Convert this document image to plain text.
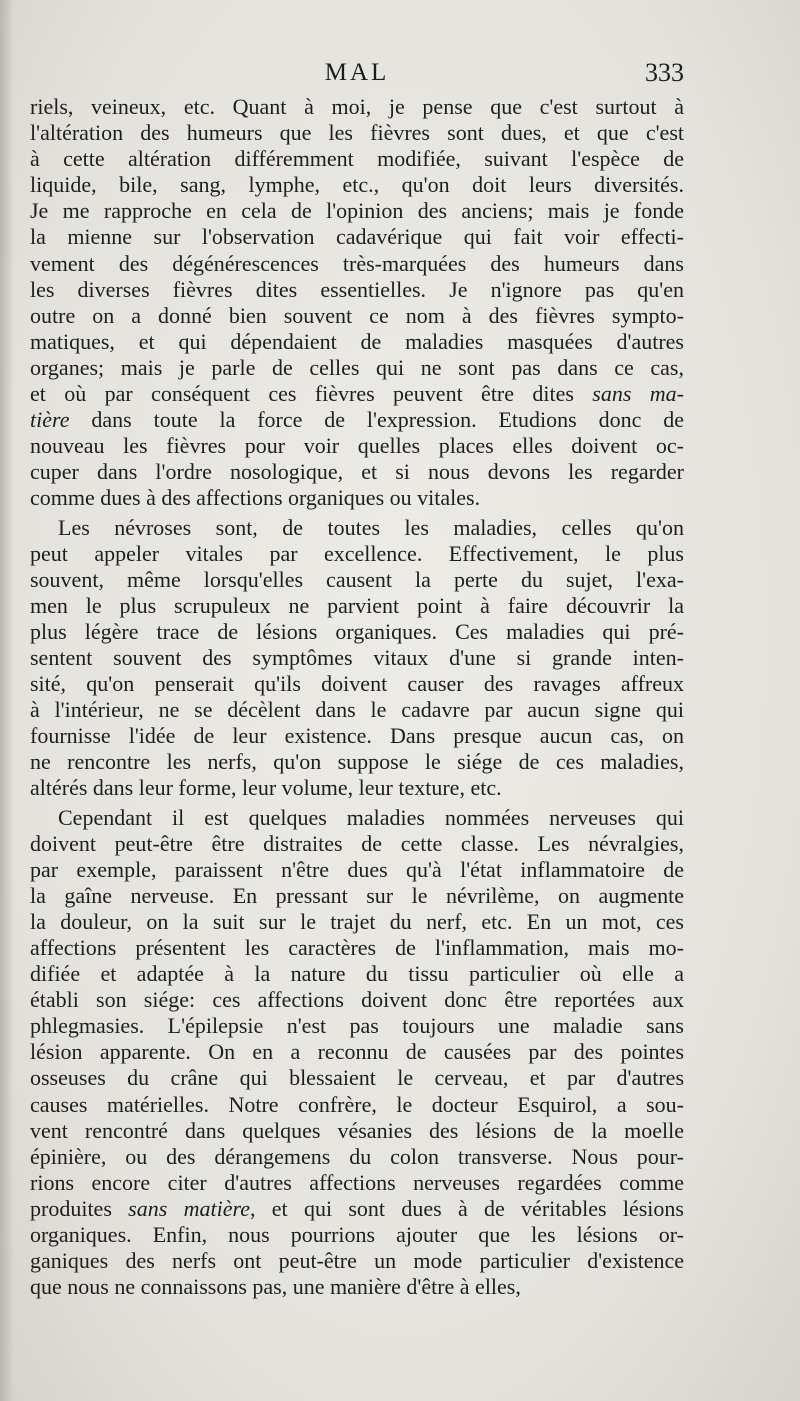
MAL	333
riels, veineux, etc. Quant à moi, je pense que c'est surtout à
l'altération des humeurs que les fièvres sont dues, et que c'est
à cette altération différemment modifiée, suivant l'espèce de
liquide, bile, sang, lymphe, etc., qu'on doit leurs diversités.
Je me rapproche en cela de l'opinion des anciens; mais je fonde
la mienne sur l'observation cadavérique qui fait voir effecti-
vement des dégénérescences très-marquées des humeurs dans
les diverses fièvres dites essentielles. Je n'ignore pas qu'en
outre on a donné bien souvent ce nom à des fièvres sympto-
matiques, et qui dépendaient de maladies masquées d'autres
organes; mais je parle de celles qui ne sont pas dans ce cas,
et où par conséquent ces fièvres peuvent être dites sans ma-
tière dans toute la force de l'expression. Etudions donc de
nouveau les fièvres pour voir quelles places elles doivent oc-
cuper dans l'ordre nosologique, et si nous devons les regarder
comme dues à des affections organiques ou vitales.
Les névroses sont, de toutes les maladies, celles qu'on
peut appeler vitales par excellence. Effectivement, le plus
souvent, même lorsqu'elles causent la perte du sujet, l'exa-
men le plus scrupuleux ne parvient point à faire découvrir la
plus légère trace de lésions organiques. Ces maladies qui pré-
sentent souvent des symptômes vitaux d'une si grande inten-
sité, qu'on penserait qu'ils doivent causer des ravages affreux
à l'intérieur, ne se décèlent dans le cadavre par aucun signe qui
fournisse l'idée de leur existence. Dans presque aucun cas, on
ne rencontre les nerfs, qu'on suppose le siége de ces maladies,
altérés dans leur forme, leur volume, leur texture, etc.
Cependant il est quelques maladies nommées nerveuses qui
doivent peut-être être distraites de cette classe. Les névralgies,
par exemple, paraissent n'être dues qu'à l'état inflammatoire de
la gaîne nerveuse. En pressant sur le névrilème, on augmente
la douleur, on la suit sur le trajet du nerf, etc. En un mot, ces
affections présentent les caractères de l'inflammation, mais mo-
difiée et adaptée à la nature du tissu particulier où elle a
établi son siége: ces affections doivent donc être reportées aux
phlegmasies. L'épilepsie n'est pas toujours une maladie sans
lésion apparente. On en a reconnu de causées par des pointes
osseuses du crâne qui blessaient le cerveau, et par d'autres
causes matérielles. Notre confrère, le docteur Esquirol, a sou-
vent rencontré dans quelques vésanies des lésions de la moelle
épinière, ou des dérangemens du colon transverse. Nous pour-
rions encore citer d'autres affections nerveuses regardées comme
produites sans matière, et qui sont dues à de véritables lésions
organiques. Enfin, nous pourrions ajouter que les lésions or-
ganiques des nerfs ont peut-être un mode particulier d'existence
que nous ne connaissons pas, une manière d'être à elles,
